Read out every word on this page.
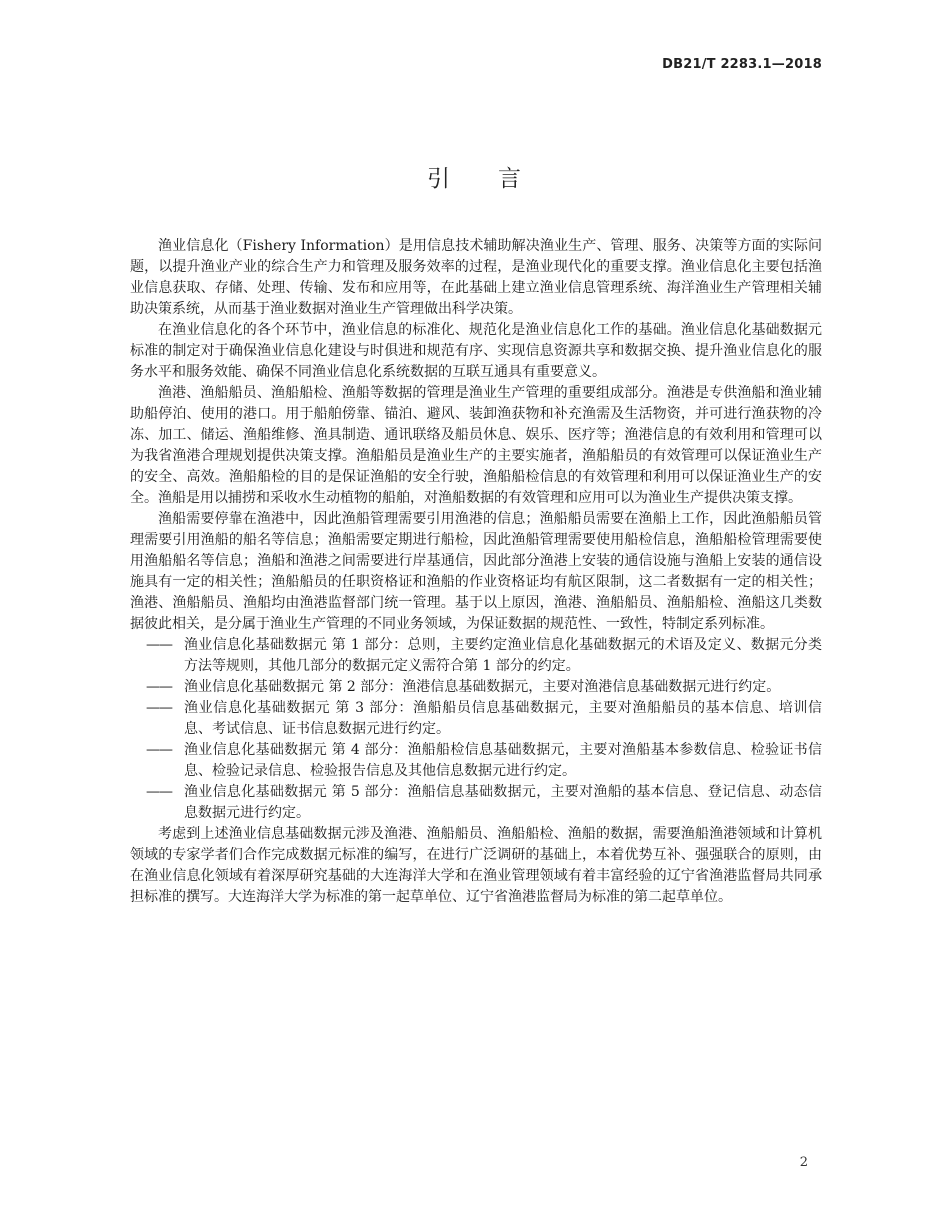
DB21/T 2283.1—2018
引 言

渔业信息化（Fishery Information）是用信息技术辅助解决渔业生产、管理、服务、决策等方面的实际问题，以提升渔业产业的综合生产力和管理及服务效率的过程，是渔业现代化的重要支撑。渔业信息化主要包括渔业信息获取、存储、处理、传输、发布和应用等，在此基础上建立渔业信息管理系统、海洋渔业生产管理相关辅助决策系统，从而基于渔业数据对渔业生产管理做出科学决策。

在渔业信息化的各个环节中，渔业信息的标准化、规范化是渔业信息化工作的基础。渔业信息化基础数据元标准的制定对于确保渔业信息化建设与时俱进和规范有序、实现信息资源共享和数据交换、提升渔业信息化的服务水平和服务效能、确保不同渔业信息化系统数据的互联互通具有重要意义。

渔港、渔船船员、渔船船检、渔船等数据的管理是渔业生产管理的重要组成部分。渔港是专供渔船和渔业辅助船停泊、使用的港口。用于船舶傍靠、锚泊、避风、装卸渔获物和补充渔需及生活物资，并可进行渔获物的冷冻、加工、储运、渔船维修、渔具制造、通讯联络及船员休息、娱乐、医疗等；渔港信息的有效利用和管理可以为我省渔港合理规划提供决策支撑。渔船船员是渔业生产的主要实施者，渔船船员的有效管理可以保证渔业生产的安全、高效。渔船船检的目的是保证渔船的安全行驶，渔船船检信息的有效管理和利用可以保证渔业生产的安全。渔船是用以捕捞和采收水生动植物的船舶，对渔船数据的有效管理和应用可以为渔业生产提供决策支撑。

渔船需要停靠在渔港中，因此渔船管理需要引用渔港的信息；渔船船员需要在渔船上工作，因此渔船船员管理需要引用渔船的船名等信息；渔船需要定期进行船检，因此渔船管理需要使用船检信息，渔船船检管理需要使用渔船船名等信息；渔船和渔港之间需要进行岸基通信，因此部分渔港上安装的通信设施与渔船上安装的通信设施具有一定的相关性；渔船船员的任职资格证和渔船的作业资格证均有航区限制，这二者数据有一定的相关性；渔港、渔船船员、渔船均由渔港监督部门统一管理。基于以上原因，渔港、渔船船员、渔船船检、渔船这几类数据彼此相关，是分属于渔业生产管理的不同业务领域，为保证数据的规范性、一致性，特制定系列标准。

—— 渔业信息化基础数据元 第 1 部分：总则，主要约定渔业信息化基础数据元的术语及定义、数据元分类方法等规则，其他几部分的数据元定义需符合第 1 部分的约定。
—— 渔业信息化基础数据元 第 2 部分：渔港信息基础数据元，主要对渔港信息基础数据元进行约定。
—— 渔业信息化基础数据元 第 3 部分：渔船船员信息基础数据元，主要对渔船船员的基本信息、培训信息、考试信息、证书信息数据元进行约定。
—— 渔业信息化基础数据元 第 4 部分：渔船船检信息基础数据元，主要对渔船基本参数信息、检验证书信息、检验记录信息、检验报告信息及其他信息数据元进行约定。
—— 渔业信息化基础数据元 第 5 部分：渔船信息基础数据元，主要对渔船的基本信息、登记信息、动态信息数据元进行约定。

考虑到上述渔业信息基础数据元涉及渔港、渔船船员、渔船船检、渔船的数据，需要渔船渔港领域和计算机领域的专家学者们合作完成数据元标准的编写，在进行广泛调研的基础上，本着优势互补、强强联合的原则，由在渔业信息化领域有着深厚研究基础的大连海洋大学和在渔业管理领域有着丰富经验的辽宁省渔港监督局共同承担标准的撰写。大连海洋大学为标准的第一起草单位、辽宁省渔港监督局为标准的第二起草单位。

2
